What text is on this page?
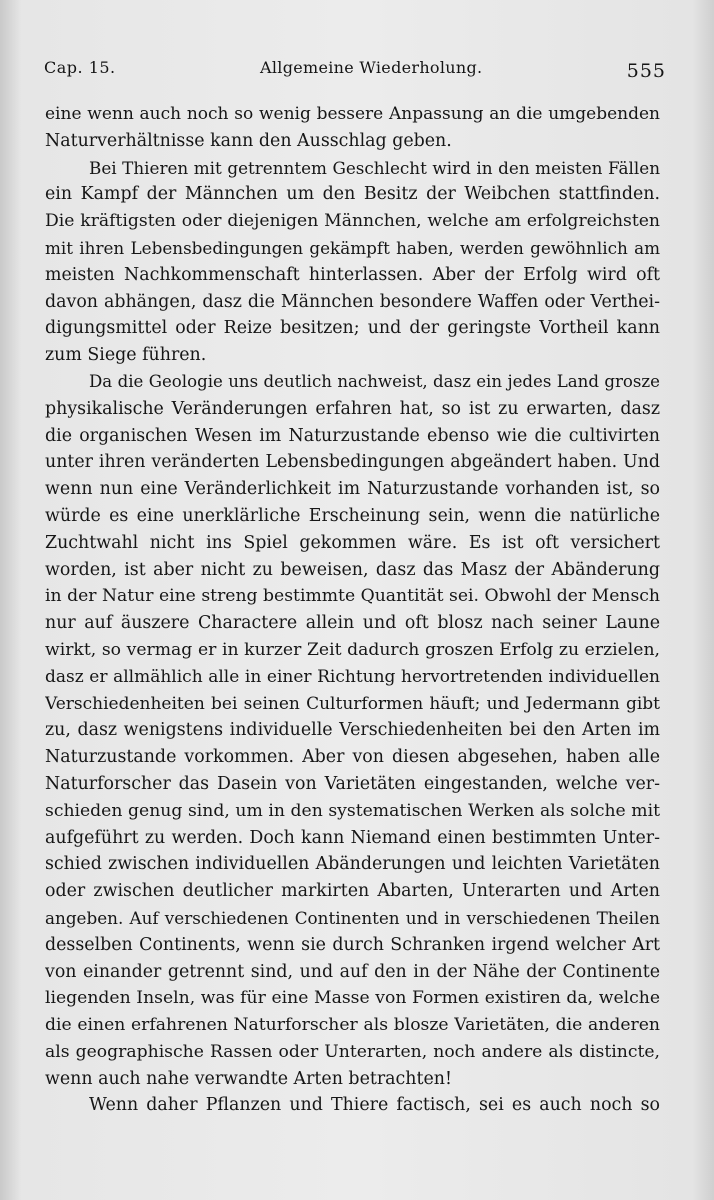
Cap. 15.	Allgemeine Wiederholung.	555
eine wenn auch noch so wenig bessere Anpassung an die umgebenden
Naturverhältnisse kann den Ausschlag geben.
Bei Thieren mit getrenntem Geschlecht wird in den meisten Fällen
ein Kampf der Männchen um den Besitz der Weibchen stattfinden.
Die kräftigsten oder diejenigen Männchen, welche am erfolgreichsten
mit ihren Lebensbedingungen gekämpft haben, werden gewöhnlich am
meisten Nachkommenschaft hinterlassen. Aber der Erfolg wird oft
davon abhängen, dasz die Männchen besondere Waffen oder Verthei-
digungsmittel oder Reize besitzen; und der geringste Vortheil kann
zum Siege führen.
Da die Geologie uns deutlich nachweist, dasz ein jedes Land grosze
physikalische Veränderungen erfahren hat, so ist zu erwarten, dasz
die organischen Wesen im Naturzustande ebenso wie die cultivirten
unter ihren veränderten Lebensbedingungen abgeändert haben. Und
wenn nun eine Veränderlichkeit im Naturzustande vorhanden ist, so
würde es eine unerklärliche Erscheinung sein, wenn die natürliche
Zuchtwahl nicht ins Spiel gekommen wäre. Es ist oft versichert
worden, ist aber nicht zu beweisen, dasz das Masz der Abänderung
in der Natur eine streng bestimmte Quantität sei. Obwohl der Mensch
nur auf äuszere Charactere allein und oft blosz nach seiner Laune
wirkt, so vermag er in kurzer Zeit dadurch groszen Erfolg zu erzielen,
dasz er allmählich alle in einer Richtung hervortretenden individuellen
Verschiedenheiten bei seinen Culturformen häuft; und Jedermann gibt
zu, dasz wenigstens individuelle Verschiedenheiten bei den Arten im
Naturzustande vorkommen. Aber von diesen abgesehen, haben alle
Naturforscher das Dasein von Varietäten eingestanden, welche ver-
schieden genug sind, um in den systematischen Werken als solche mit
aufgeführt zu werden. Doch kann Niemand einen bestimmten Unter-
schied zwischen individuellen Abänderungen und leichten Varietäten
oder zwischen deutlicher markirten Abarten, Unterarten und Arten
angeben. Auf verschiedenen Continenten und in verschiedenen Theilen
desselben Continents, wenn sie durch Schranken irgend welcher Art
von einander getrennt sind, und auf den in der Nähe der Continente
liegenden Inseln, was für eine Masse von Formen existiren da, welche
die einen erfahrenen Naturforscher als blosze Varietäten, die anderen
als geographische Rassen oder Unterarten, noch andere als distincte,
wenn auch nahe verwandte Arten betrachten!
Wenn daher Pflanzen und Thiere factisch, sei es auch noch so
